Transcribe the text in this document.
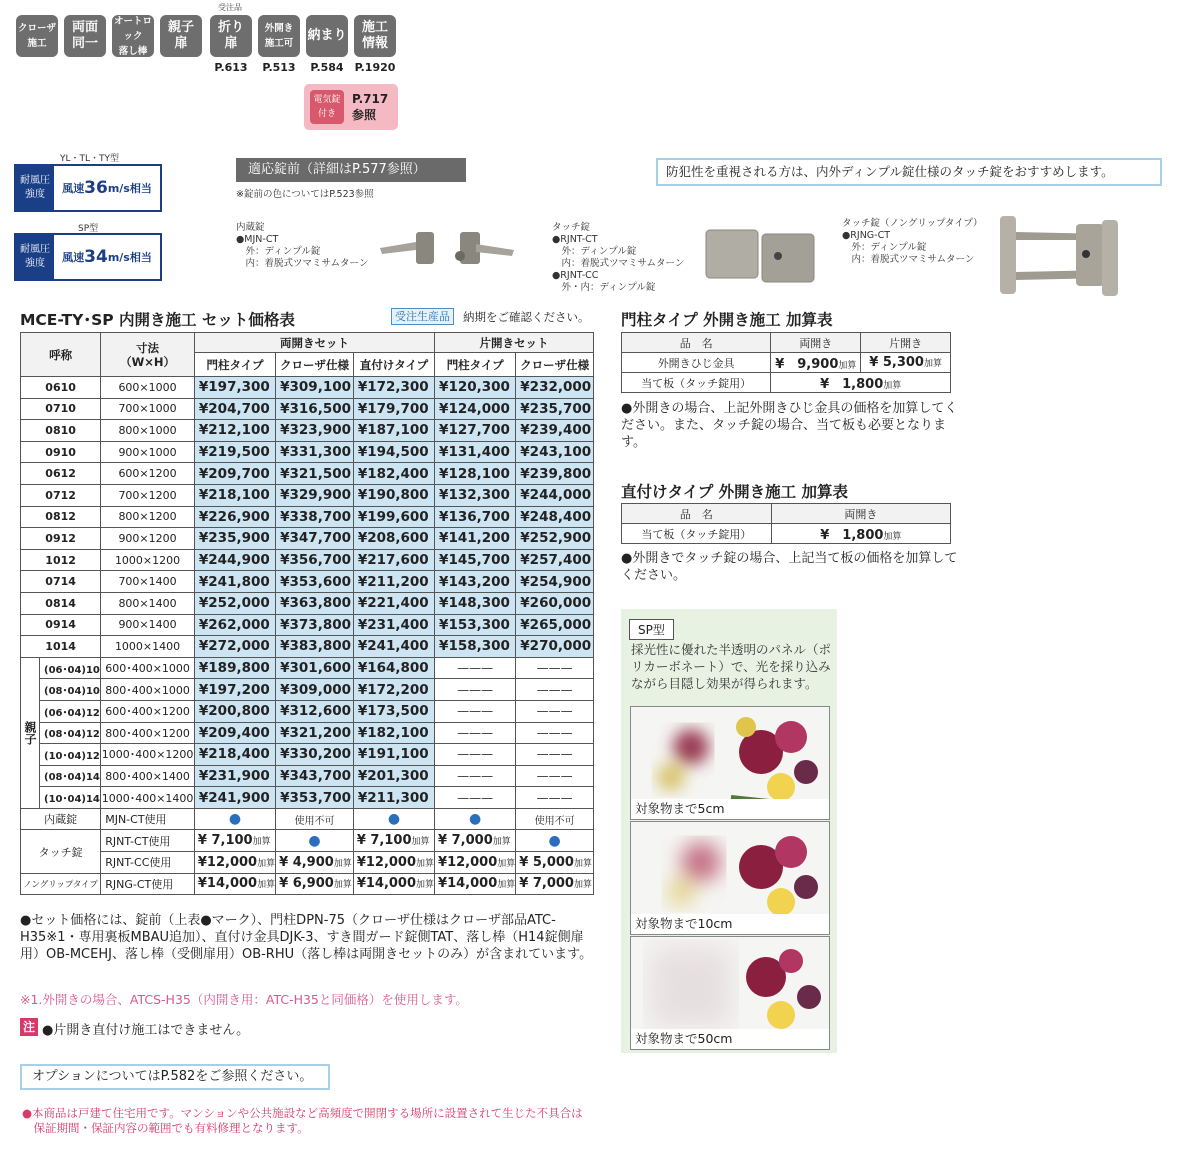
クローザ
施工
両面
同一
オートロック
落し棒
親子
扉
受注品
折り
扉
外開き
施工可
納まり
施工
情報
P.613	P.513	P.584 P.1920
電気錠
付き
P.717
参照
YL・TL・TY型
耐風圧
強度	風速 36 m/s相当
SP型
耐風圧
強度	風速 34 m/s相当
適応錠前（詳細はP.577参照）
※錠前の色についてはP.523参照
防犯性を重視される方は、内外ディンプル錠仕様のタッチ錠をおすすめします。
内蔵錠
●MJN-CT
　外：ディンプル錠
　内：着脱式ツマミサムターン
タッチ錠
●RJNT-CT
　外：ディンプル錠
　内：着脱式ツマミサムターン
●RJNT-CC
　外・内：ディンプル錠
タッチ錠（ノングリップタイプ）
●RJNG-CT
　外：ディンプル錠
　内：着脱式ツマミサムターン
MCE-TY･SP 内開き施工 セット価格表	受注生産品	納期をご確認ください。
呼称		寸法
（W×H）	両開きセット			片開きセット	
			門柱タイプ	クローザ仕様	直付けタイプ	門柱タイプ	クローザ仕様
0610		600×1000	¥197,300	¥309,100	¥172,300	¥120,300	¥232,000
0710		700×1000	¥204,700	¥316,500	¥179,700	¥124,000	¥235,700
0810		800×1000	¥212,100	¥323,900	¥187,100	¥127,700	¥239,400
0910		900×1000	¥219,500	¥331,300	¥194,500	¥131,400	¥243,100
0612		600×1200	¥209,700	¥321,500	¥182,400	¥128,100	¥239,800
0712		700×1200	¥218,100	¥329,900	¥190,800	¥132,300	¥244,000
0812		800×1200	¥226,900	¥338,700	¥199,600	¥136,700	¥248,400
0912		900×1200	¥235,900	¥347,700	¥208,600	¥141,200	¥252,900
1012		1000×1200	¥244,900	¥356,700	¥217,600	¥145,700	¥257,400
0714		700×1400	¥241,800	¥353,600	¥211,200	¥143,200	¥254,900
0814		800×1400	¥252,000	¥363,800	¥221,400	¥148,300	¥260,000
0914		900×1400	¥262,000	¥373,800	¥231,400	¥153,300	¥265,000
1014		1000×1400	¥272,000	¥383,800	¥241,400	¥158,300	¥270,000
親子	(06･04)10	600･400×1000	¥189,800	¥301,600	¥164,800	———	———
	(08･04)10	800･400×1000	¥197,200	¥309,000	¥172,200	———	———
	(06･04)12	600･400×1200	¥200,800	¥312,600	¥173,500	———	———
	(08･04)12	800･400×1200	¥209,400	¥321,200	¥182,100	———	———
	(10･04)12	1000･400×1200	¥218,400	¥330,200	¥191,100	———	———
	(08･04)14	800･400×1400	¥231,900	¥343,700	¥201,300	———	———
	(10･04)14	1000･400×1400	¥241,900	¥353,700	¥211,300	———	———
内蔵錠		MJN-CT使用	●	使用不可	●	●	使用不可
タッチ錠		RJNT-CT使用	¥ 7,100加算	●	¥ 7,100加算	¥ 7,000加算	●
		RJNT-CC使用	¥12,000加算	¥ 4,900加算	¥12,000加算	¥12,000加算	¥ 5,000加算
ノングリップタイプ		RJNG-CT使用	¥14,000加算	¥ 6,900加算	¥14,000加算	¥14,000加算	¥ 7,000加算
●セット価格には、錠前（上表●マーク）、門柱DPN-75（クローザ仕様はクローザ部品ATC-H35※1・専用裏板MBAU追加）、直付け金具DJK-3、すき間ガード錠側TAT、落し棒（H14錠側扉用）OB-MCEHJ、落し棒（受側扉用）OB-RHU（落し棒は両開きセットのみ）が含まれています。
※1.外開きの場合、ATCS-H35（内開き用：ATC-H35と同価格）を使用します。
注 ●片開き直付け施工はできません。
オプションについてはP.582をご参照ください。
●本商品は戸建て住宅用です。マンションや公共施設など高頻度で開閉する場所に設置されて生じた不具合は
　保証期間・保証内容の範囲でも有料修理となります。
門柱タイプ 外開き施工 加算表
品　名	両開き	片開き
外開きひじ金具	¥　9,900加算	¥ 5,300加算
当て板（タッチ錠用）	¥　1,800加算	
●外開きの場合、上記外開きひじ金具の価格を加算してください。また、タッチ錠の場合、当て板も必要となります。
直付けタイプ 外開き施工 加算表
品　名	両開き
当て板（タッチ錠用）	¥　1,800加算
●外開きでタッチ錠の場合、上記当て板の価格を加算してください。
SP型
採光性に優れた半透明のパネル（ポリカーボネート）で、光を採り込みながら目隠し効果が得られます。
対象物まで5cm
対象物まで10cm
対象物まで50cm
